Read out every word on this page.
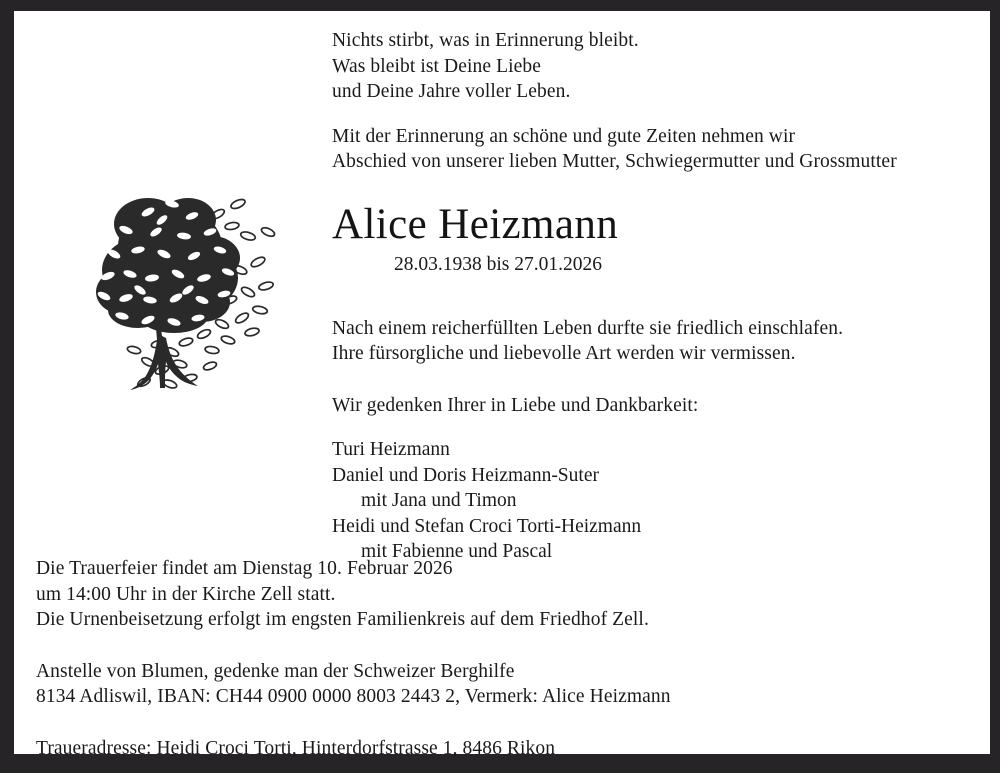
Nichts stirbt, was in Erinnerung bleibt.
Was bleibt ist Deine Liebe
und Deine Jahre voller Leben.
Mit der Erinnerung an schöne und gute Zeiten nehmen wir
Abschied von unserer lieben Mutter, Schwiegermutter und Grossmutter
Alice Heizmann
28.03.1938 bis 27.01.2026
Nach einem reicherfüllten Leben durfte sie friedlich einschlafen.
Ihre fürsorgliche und liebevolle Art werden wir vermissen.
Wir gedenken Ihrer in Liebe und Dankbarkeit:
Turi Heizmann
Daniel und Doris Heizmann-Suter
mit Jana und Timon
Heidi und Stefan Croci Torti-Heizmann
mit Fabienne und Pascal
Die Trauerfeier findet am Dienstag 10. Februar 2026
um 14:00 Uhr in der Kirche Zell statt.
Die Urnenbeisetzung erfolgt im engsten Familienkreis auf dem Friedhof Zell.
Anstelle von Blumen, gedenke man der Schweizer Berghilfe
8134 Adliswil, IBAN: CH44 0900 0000 8003 2443 2, Vermerk: Alice Heizmann
Traueradresse: Heidi Croci Torti, Hinterdorfstrasse 1, 8486 Rikon
